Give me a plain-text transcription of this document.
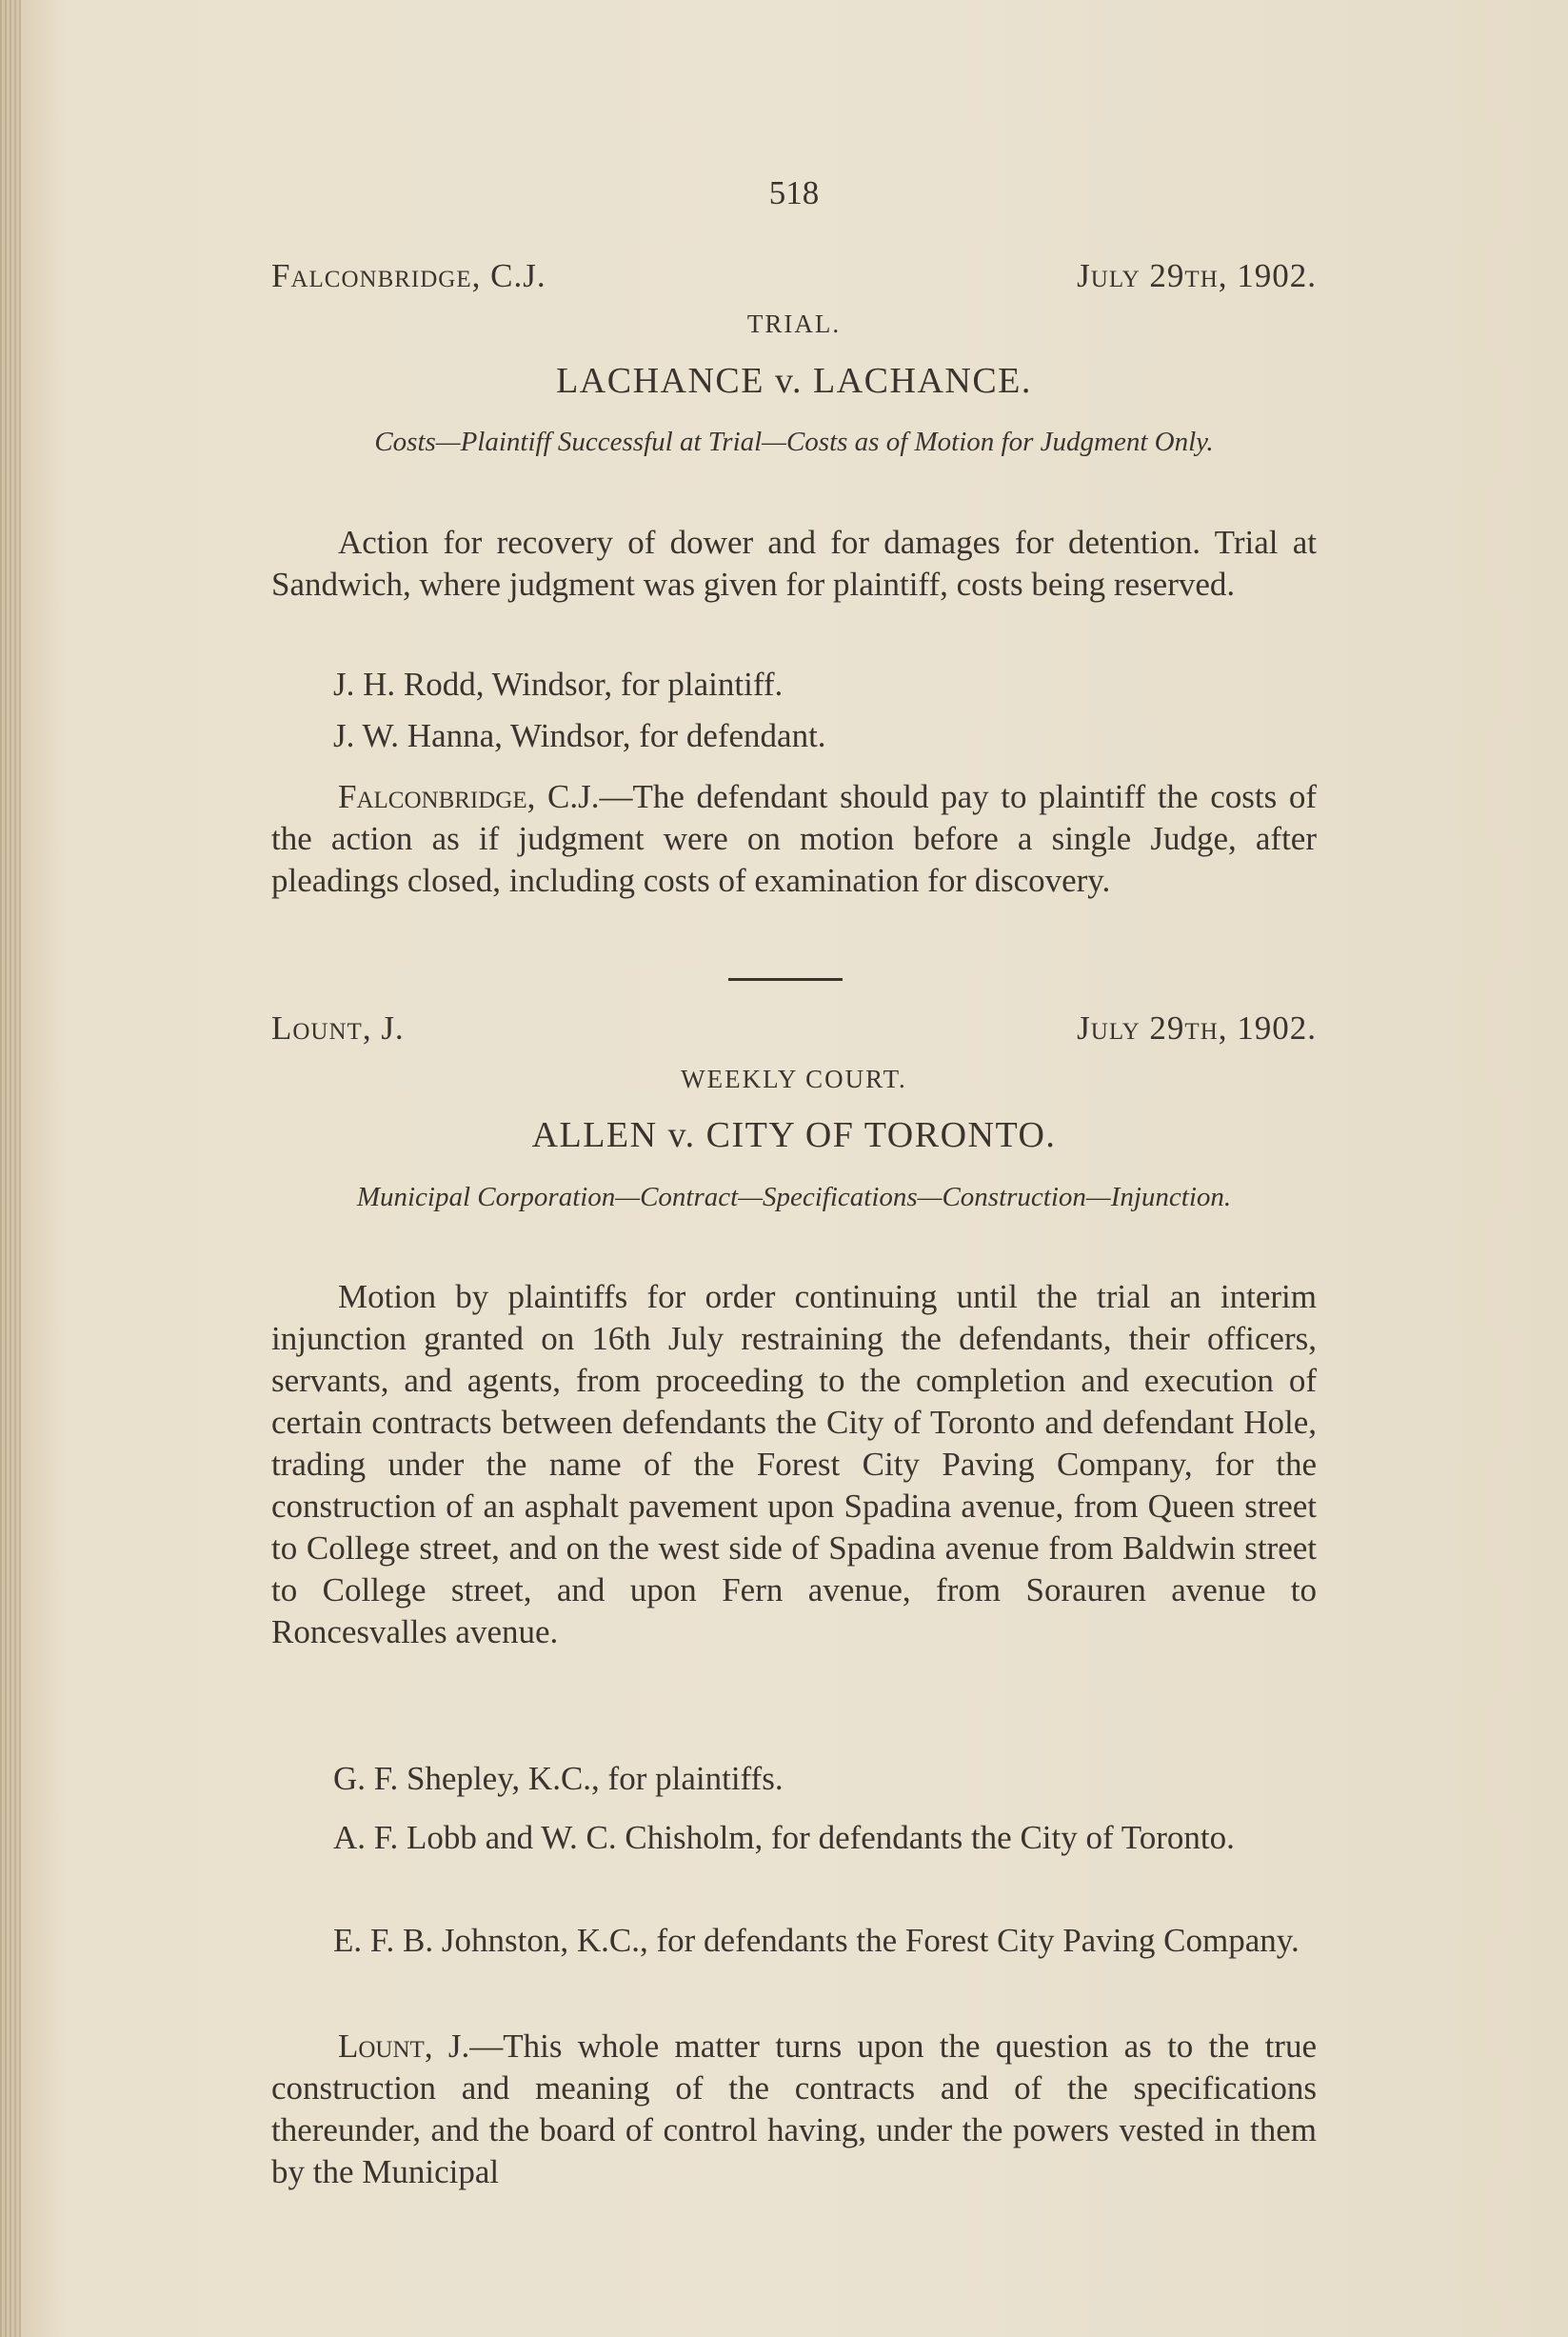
518
Falconbridge, C.J.	July 29th, 1902.
TRIAL.
LACHANCE v. LACHANCE.
Costs—Plaintiff Successful at Trial—Costs as of Motion for Judgment Only.

Action for recovery of dower and for damages for detention. Trial at Sandwich, where judgment was given for plaintiff, costs being reserved.

J. H. Rodd, Windsor, for plaintiff.

J. W. Hanna, Windsor, for defendant.

Falconbridge, C.J.—The defendant should pay to plaintiff the costs of the action as if judgment were on motion before a single Judge, after pleadings closed, including costs of examination for discovery.

Lount, J.	July 29th, 1902.
WEEKLY COURT.
ALLEN v. CITY OF TORONTO.
Municipal Corporation—Contract—Specifications—Construction—Injunction.

Motion by plaintiffs for order continuing until the trial an interim injunction granted on 16th July restraining the defendants, their officers, servants, and agents, from proceeding to the completion and execution of certain contracts between defendants the City of Toronto and defendant Hole, trading under the name of the Forest City Paving Company, for the construction of an asphalt pavement upon Spadina avenue, from Queen street to College street, and on the west side of Spadina avenue from Baldwin street to College street, and upon Fern avenue, from Sorauren avenue to Roncesvalles avenue.

G. F. Shepley, K.C., for plaintiffs.

A. F. Lobb and W. C. Chisholm, for defendants the City of Toronto.

E. F. B. Johnston, K.C., for defendants the Forest City Paving Company.

Lount, J.—This whole matter turns upon the question as to the true construction and meaning of the contracts and of the specifications thereunder, and the board of control having, under the powers vested in them by the Municipal
